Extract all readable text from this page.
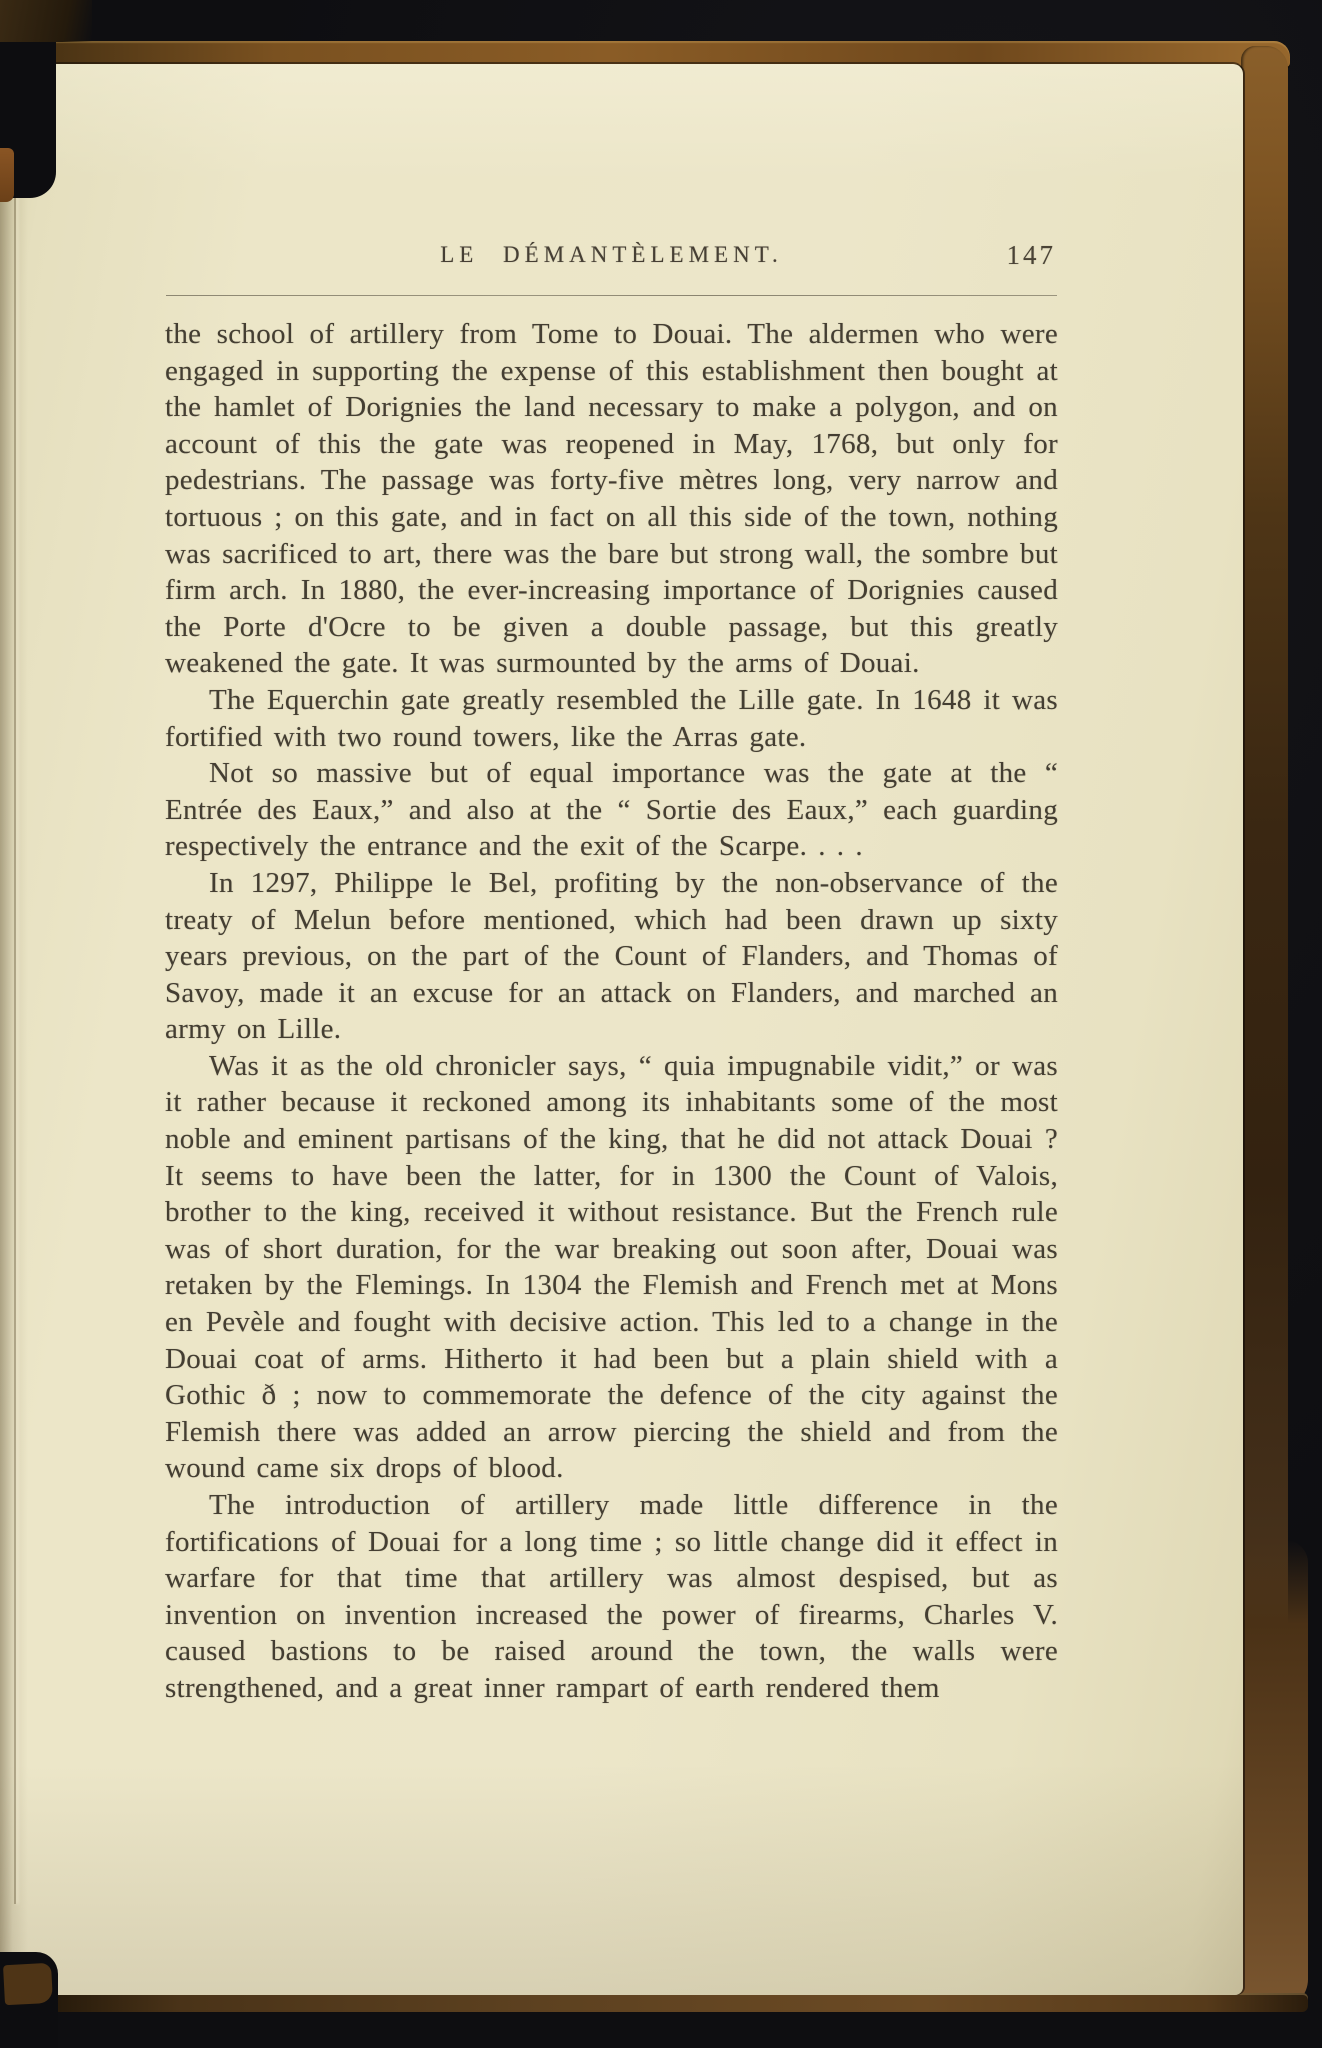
LE DÉMANTÈLEMENT.	147

the school of artillery from Tome to Douai. The aldermen who were engaged in supporting the expense of this establishment then bought at the hamlet of Dorignies the land necessary to make a polygon, and on account of this the gate was reopened in May, 1768, but only for pedestrians. The passage was forty-five mètres long, very narrow and tortuous ; on this gate, and in fact on all this side of the town, nothing was sacrificed to art, there was the bare but strong wall, the sombre but firm arch. In 1880, the ever-increasing importance of Dorignies caused the Porte d'Ocre to be given a double passage, but this greatly weakened the gate. It was surmounted by the arms of Douai.

The Equerchin gate greatly resembled the Lille gate. In 1648 it was fortified with two round towers, like the Arras gate.

Not so massive but of equal importance was the gate at the “ Entrée des Eaux,” and also at the “ Sortie des Eaux,” each guarding respectively the entrance and the exit of the Scarpe. . . .

In 1297, Philippe le Bel, profiting by the non-observance of the treaty of Melun before mentioned, which had been drawn up sixty years previous, on the part of the Count of Flanders, and Thomas of Savoy, made it an excuse for an attack on Flanders, and marched an army on Lille.

Was it as the old chronicler says, “ quia impugnabile vidit,” or was it rather because it reckoned among its inhabitants some of the most noble and eminent partisans of the king, that he did not attack Douai ? It seems to have been the latter, for in 1300 the Count of Valois, brother to the king, received it without resistance. But the French rule was of short duration, for the war breaking out soon after, Douai was retaken by the Flemings. In 1304 the Flemish and French met at Mons en Pevèle and fought with decisive action. This led to a change in the Douai coat of arms. Hitherto it had been but a plain shield with a Gothic ð ; now to commemorate the defence of the city against the Flemish there was added an arrow piercing the shield and from the wound came six drops of blood.

The introduction of artillery made little difference in the fortifications of Douai for a long time ; so little change did it effect in warfare for that time that artillery was almost despised, but as invention on invention increased the power of firearms, Charles V. caused bastions to be raised around the town, the walls were strengthened, and a great inner rampart of earth rendered them
